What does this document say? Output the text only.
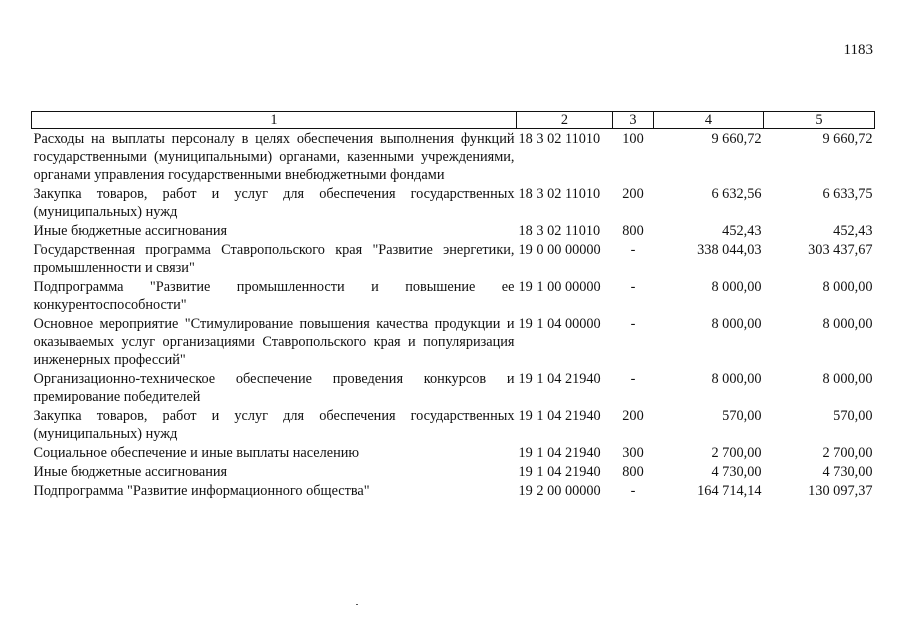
1183
1	2	3	4	5
Расходы на выплаты персоналу в целях обеспечения выполнения функций государственными (муниципальными) органами, казенными учреждениями, органами управления государственными внебюджетными фондами	18 3 02 11010	100	9 660,72	9 660,72
Закупка товаров, работ и услуг для обеспечения государственных (муниципальных) нужд	18 3 02 11010	200	6 632,56	6 633,75
Иные бюджетные ассигнования	18 3 02 11010	800	452,43	452,43
Государственная программа Ставропольского края "Развитие энергетики, промышленности и связи"	19 0 00 00000	-	338 044,03	303 437,67
Подпрограмма "Развитие промышленности и повышение ее конкурентоспособности"	19 1 00 00000	-	8 000,00	8 000,00
Основное мероприятие "Стимулирование повышения качества продукции и оказываемых услуг организациями Ставропольского края и популяризация инженерных профессий"	19 1 04 00000	-	8 000,00	8 000,00
Организационно-техническое обеспечение проведения конкурсов и премирование победителей	19 1 04 21940	-	8 000,00	8 000,00
Закупка товаров, работ и услуг для обеспечения государственных (муниципальных) нужд	19 1 04 21940	200	570,00	570,00
Социальное обеспечение и иные выплаты населению	19 1 04 21940	300	2 700,00	2 700,00
Иные бюджетные ассигнования	19 1 04 21940	800	4 730,00	4 730,00
Подпрограмма "Развитие информационного общества"	19 2 00 00000	-	164 714,14	130 097,37
